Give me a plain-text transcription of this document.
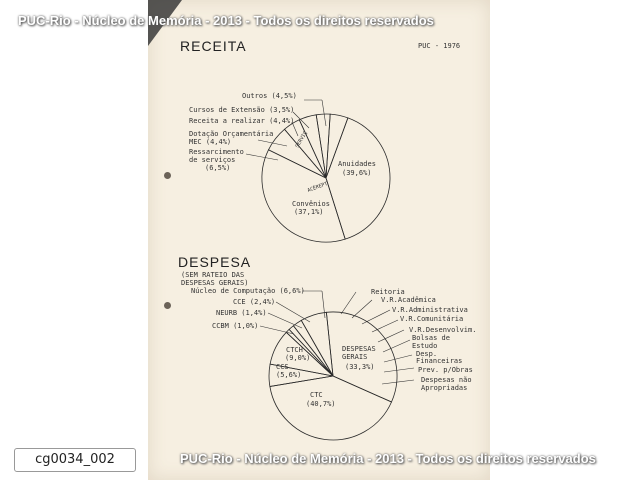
RECEITA	PUC - 1976
DESPESA
(SEM RATEIO DAS
DESPESAS GERAIS)
Outros (4,5%)
Cursos de Extensão (3,5%)
Receita a realizar (4,4%)
Dotação Orçamentária
MEC (4,4%)
Ressarcimento
de serviços
(6,5%)	Anuidades
(39,6%)
Convênios
(37,1%)
SERVIÇ
ACÉREPT
Núcleo de Computação (6,6%)
CCE (2,4%)
NEURB (1,4%)
CCBM (1,0%)
CTCH
(9,0%)
CCS
(5,6%)
CTC
(40,7%)
DESPESAS
GERAIS
(33,3%)
Reitoria
V.R.Acadêmica
V.R.Administrativa
V.R.Comunitária
V.R.Desenvolvim.
Bolsas de
Estudo
Desp.
Financeiras
Prev. p/Obras
Despesas não
Apropriadas
PUC-Rio - Núcleo de Memória - 2013 - Todos os direitos reservados
PUC-Rio - Núcleo de Memória - 2013 - Todos os direitos reservados
cg0034_002
